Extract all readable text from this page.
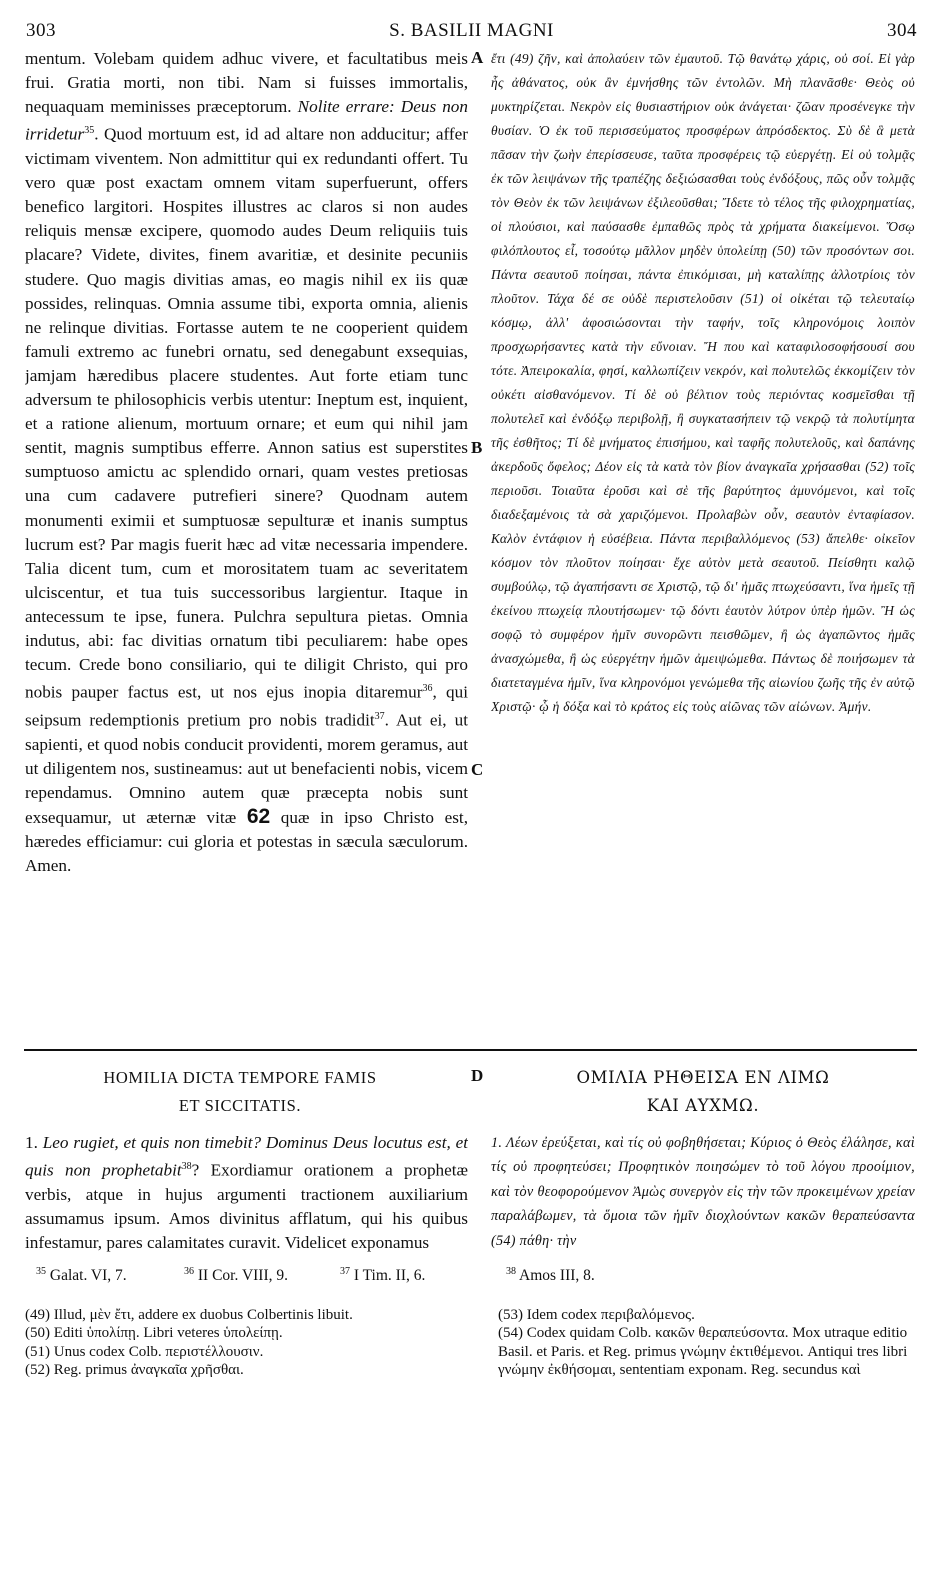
303	S. BASILII MAGNI	304
mentum. Volebam quidem adhuc vivere, et facultatibus meis frui. Gratia morti, non tibi. Nam si fuisses immortalis, nequaquam meminisses præceptorum. Nolite errare: Deus non irridetur$^{35}$. Quod mortuum est, id ad altare non adducitur; affer victimam viventem. Non admittitur qui ex redundanti offert. Tu vero quæ post exactam omnem vitam superfuerunt, offers benefico largitori. Hospites illustres ac claros si non audes reliquis mensæ excipere, quomodo audes Deum reliquiis tuis placare? Videte, divites, finem avaritiæ, et desinite pecuniis studere. Quo magis divitias amas, eo magis nihil ex iis quæ possides, relinquas. Omnia assume tibi, exporta omnia, alienis ne relinque divitias. Fortasse autem te ne cooperient quidem famuli extremo ac funebri ornatu, sed denegabunt exsequias, jamjam hæredibus placere studentes. Aut forte etiam tunc adversum te philosophicis verbis utentur: Ineptum est, inquient, et a ratione alienum, mortuum ornare; et eum qui nihil jam sentit, magnis sumptibus efferre. Annon satius est superstites sumptuoso amictu ac splendido ornari, quam vestes pretiosas una cum cadavere putrefieri sinere? Quodnam autem monumenti eximii et sumptuosæ sepulturæ et inanis sumptus lucrum est? Par magis fuerit hæc ad vitæ necessaria impendere. Talia dicent tum, cum et morositatem tuam ac severitatem ulciscentur, et tua tuis successoribus largientur. Itaque in antecessum te ipse, funera. Pulchra sepultura pietas. Omnia indutus, abi: fac divitias ornatum tibi peculiarem: habe opes tecum. Crede bono consiliario, qui te diligit Christo, qui pro nobis pauper factus est, ut nos ejus inopia ditaremur$^{36}$, qui seipsum redemptionis pretium pro nobis tradidit$^{37}$. Aut ei, ut sapienti, et quod nobis conducit providenti, morem geramus, aut ut diligentem nos, sustineamus: aut ut benefacienti nobis, vicem rependamus. Omnino autem quæ præcepta nobis sunt exsequamur, ut æternæ vitæ 62 quæ in ipso Christo est, hæredes efficiamur: cui gloria et potestas in sæcula sæculorum. Amen.
A
B
C
ἔτι (49) ζῆν, καὶ ἀπολαύειν τῶν ἐμαυτοῦ. Τῷ θανάτῳ χάρις, οὐ σοί. Εἰ γὰρ ἧς ἀθάνατος, οὐκ ἂν ἐμνήσθης τῶν ἐντολῶν. Μὴ πλανᾶσθε· Θεὸς οὐ μυκτηρίζεται. Νεκρὸν εἰς θυσιαστήριον οὐκ ἀνάγεται· ζῶαν προσένεγκε τὴν θυσίαν. Ὁ ἐκ τοῦ περισσεύματος προσφέρων ἀπρόσδεκτος. Σὺ δὲ ἃ μετὰ πᾶσαν τὴν ζωὴν ἐπερίσσευσε, ταῦτα προσφέρεις τῷ εὐεργέτῃ. Εἰ οὐ τολμᾷς ἐκ τῶν λειψάνων τῆς τραπέζης δεξιώσασθαι τοὺς ἐνδόξους, πῶς οὖν τολμᾷς τὸν Θεὸν ἐκ τῶν λειψάνων ἐξιλεοῦσθαι; Ἴδετε τὸ τέλος τῆς φιλοχρηματίας, οἱ πλούσιοι, καὶ παύσασθε ἐμπαθῶς πρὸς τὰ χρήματα διακείμενοι. Ὅσῳ φιλόπλουτος εἶ, τοσούτῳ μᾶλλον μηδὲν ὑπολείπῃ (50) τῶν προσόντων σοι. Πάντα σεαυτοῦ ποίησαι, πάντα ἐπικόμισαι, μὴ καταλίπῃς ἀλλοτρίοις τὸν πλοῦτον. Τάχα δέ σε οὐδὲ περιστελοῦσιν (51) οἱ οἰκέται τῷ τελευταίῳ κόσμῳ, ἀλλ' ἀφοσιώσονται τὴν ταφήν, τοῖς κληρονόμοις λοιπὸν προσχωρήσαντες κατὰ τὴν εὔνοιαν. Ἤ που καὶ καταφιλοσοφήσουσί σου τότε. Ἀπειροκαλία, φησί, καλλωπίζειν νεκρόν, καὶ πολυτελῶς ἐκκομίζειν τὸν οὐκέτι αἰσθανόμενον. Τί δὲ οὐ βέλτιον τοὺς περιόντας κοσμεῖσθαι τῇ πολυτελεῖ καὶ ἐνδόξῳ περιβολῇ, ἢ συγκατασήπειν τῷ νεκρῷ τὰ πολυτίμητα τῆς ἐσθῆτος; Τί δὲ μνήματος ἐπισήμου, καὶ ταφῆς πολυτελοῦς, καὶ δαπάνης ἀκερδοῦς ὄφελος; Δέον εἰς τὰ κατὰ τὸν βίον ἀναγκαῖα χρήσασθαι (52) τοῖς περιοῦσι. Τοιαῦτα ἐροῦσι καὶ σὲ τῆς βαρύτητος ἀμυνόμενοι, καὶ τοῖς διαδεξαμένοις τὰ σὰ χαριζόμενοι. Προλαβὼν οὖν, σεαυτὸν ἐνταφίασον. Καλὸν ἐντάφιον ἡ εὐσέβεια. Πάντα περιβαλλόμενος (53) ἄπελθε· οἰκεῖον κόσμον τὸν πλοῦτον ποίησαι· ἔχε αὐτὸν μετὰ σεαυτοῦ. Πείσθητι καλῷ συμβούλῳ, τῷ ἀγαπήσαντι σε Χριστῷ, τῷ δι' ἡμᾶς πτωχεύσαντι, ἵνα ἡμεῖς τῇ ἐκείνου πτωχείᾳ πλουτήσωμεν· τῷ δόντι ἑαυτὸν λύτρον ὑπὲρ ἡμῶν. Ἢ ὡς σοφῷ τὸ συμφέρον ἡμῖν συνορῶντι πεισθῶμεν, ἢ ὡς ἀγαπῶντος ἡμᾶς ἀνασχώμεθα, ἢ ὡς εὐεργέτην ἡμῶν ἀμειψώμεθα. Πάντως δὲ ποιήσωμεν τὰ διατεταγμένα ἡμῖν, ἵνα κληρονόμοι γενώμεθα τῆς αἰωνίου ζωῆς τῆς ἐν αὐτῷ Χριστῷ· ᾧ ἡ δόξα καὶ τὸ κράτος εἰς τοὺς αἰῶνας τῶν αἰώνων. Ἀμήν.
HOMILIA DICTA TEMPORE FAMIS
ET SICCITATIS.
D	ΟΜΙΛΙΑ ΡΗΘΕΙΣΑ ΕΝ ΛΙΜΩ
ΚΑΙ ΑΥΧΜΩ.
1. Leo rugiet, et quis non timebit? Dominus Deus locutus est, et quis non prophetabit$^{38}$? Exordiamur orationem a prophetæ verbis, atque in hujus argumenti tractionem auxiliarium assumamus ipsum. Amos divinitus afflatum, qui his quibus infestamur, pares calamitates curavit. Videlicet exponamus
1. Λέων ἐρεύξεται, καὶ τίς οὐ φοβηθήσεται; Κύριος ὁ Θεὸς ἐλάλησε, καὶ τίς οὐ προφητεύσει; Προφητικὸν ποιησώμεν τὸ τοῦ λόγου προοίμιον, καὶ τὸν θεοφορούμενον Ἀμὼς συνεργὸν εἰς τὴν τῶν προκειμένων χρείαν παραλάβωμεν, τὰ ὅμοια τῶν ἡμῖν διοχλούντων κακῶν θεραπεύσαντα (54) πάθη· τὴν
$^{35}$ Galat. VI, 7.	$^{36}$ II Cor. VIII, 9.	$^{37}$ I Tim. II, 6.	$^{38}$ Amos III, 8.
(49) Illud, μὲν ἔτι, addere ex duobus Colbertinis libuit.
(50) Editi ὑπολίπῃ. Libri veteres ὑπολείπῃ.
(51) Unus codex Colb. περιστέλλουσιν.
(52) Reg. primus ἀναγκαῖα χρῆσθαι.
(53) Idem codex περιβαλόμενος.
(54) Codex quidam Colb. κακῶν θεραπεύσοντα. Mox utraque editio Basil. et Paris. et Reg. primus γνώμην ἐκτιθέμενοι. Antiqui tres libri γνώμην ἐκθήσομαι, sententiam exponam. Reg. secundus καὶ
